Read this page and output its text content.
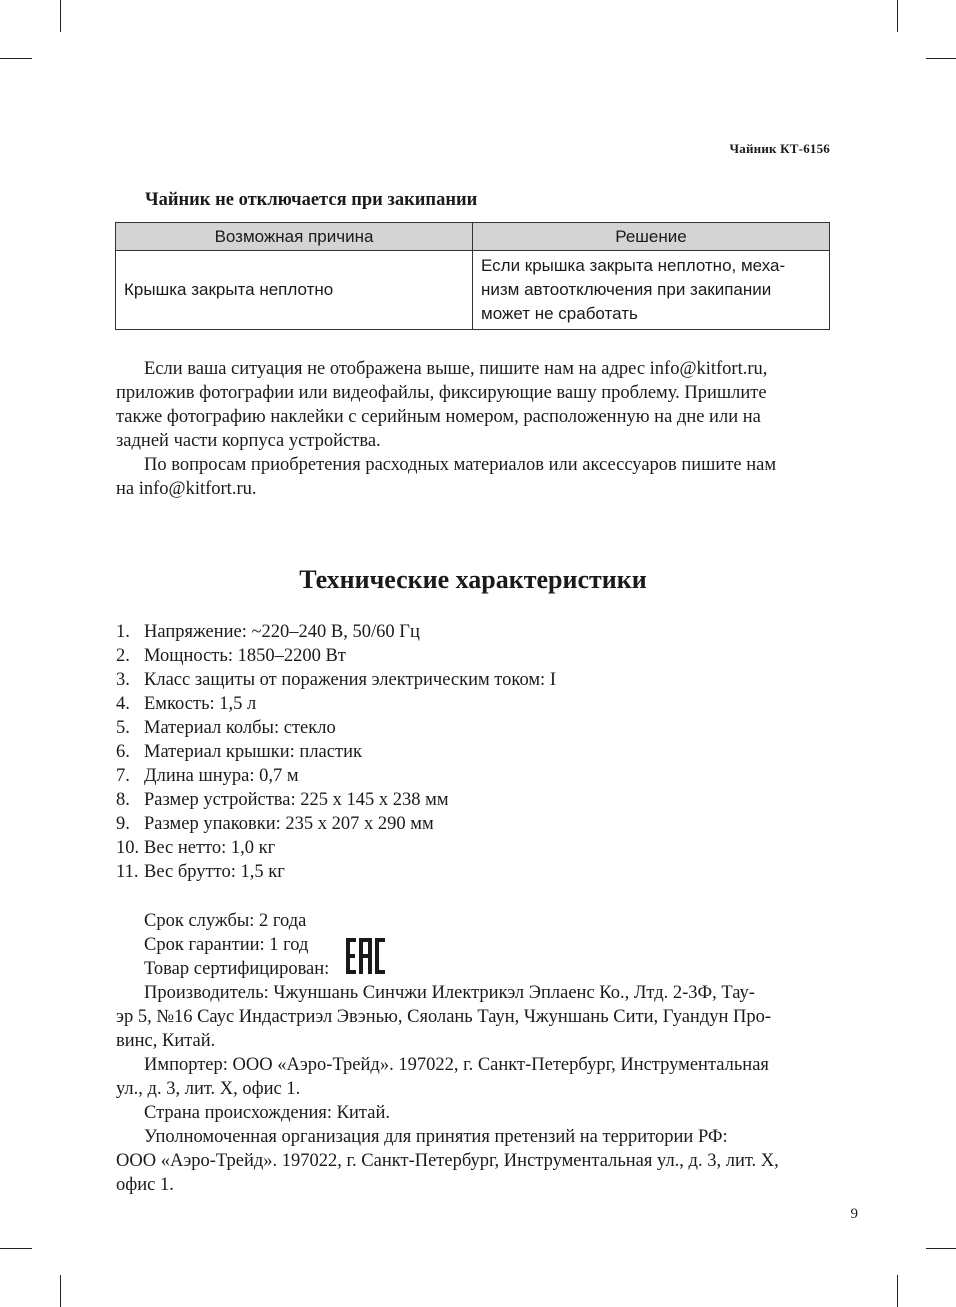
Чайник КТ-6156
Чайник не отключается при закипании
Возможная причина	Решение
Крышка закрыта неплотно	Если крышка закрыта неплотно, меха-
низм автоотключения при закипании
может не сработать
Если ваша ситуация не отображена выше, пишите нам на адрес info@kitfort.ru,
приложив фотографии или видеофайлы, фиксирующие вашу проблему. Пришлите
также фотографию наклейки с серийным номером, расположенную на дне или на
задней части корпуса устройства.
По вопросам приобретения расходных материалов или аксессуаров пишите нам
на info@kitfort.ru.
Технические характеристики
1. Напряжение: ~220–240 В, 50/60 Гц
2. Мощность: 1850–2200 Вт
3. Класс защиты от поражения электрическим током: I
4. Емкость: 1,5 л
5. Материал колбы: стекло
6. Материал крышки: пластик
7. Длина шнура: 0,7 м
8. Размер устройства: 225 х 145 х 238 мм
9. Размер упаковки: 235 х 207 х 290 мм
10. Вес нетто: 1,0 кг
11. Вес брутто: 1,5 кг
Срок службы: 2 года
Срок гарантии: 1 год
Товар сертифицирован:
Производитель: Чжуншань Синчжи Илектрикэл Эплаенс Ко., Лтд. 2-3Ф, Тау-
эр 5, №16 Саус Индастриэл Эвэнью, Сяолань Таун, Чжуншань Сити, Гуандун Про-
винс, Китай.
Импортер: ООО «Аэро-Трейд». 197022, г. Санкт-Петербург, Инструментальная
ул., д. 3, лит. Х, офис 1.
Страна происхождения: Китай.
Уполномоченная организация для принятия претензий на территории РФ:
ООО «Аэро-Трейд». 197022, г. Санкт-Петербург, Инструментальная ул., д. 3, лит. Х,
офис 1.
9
